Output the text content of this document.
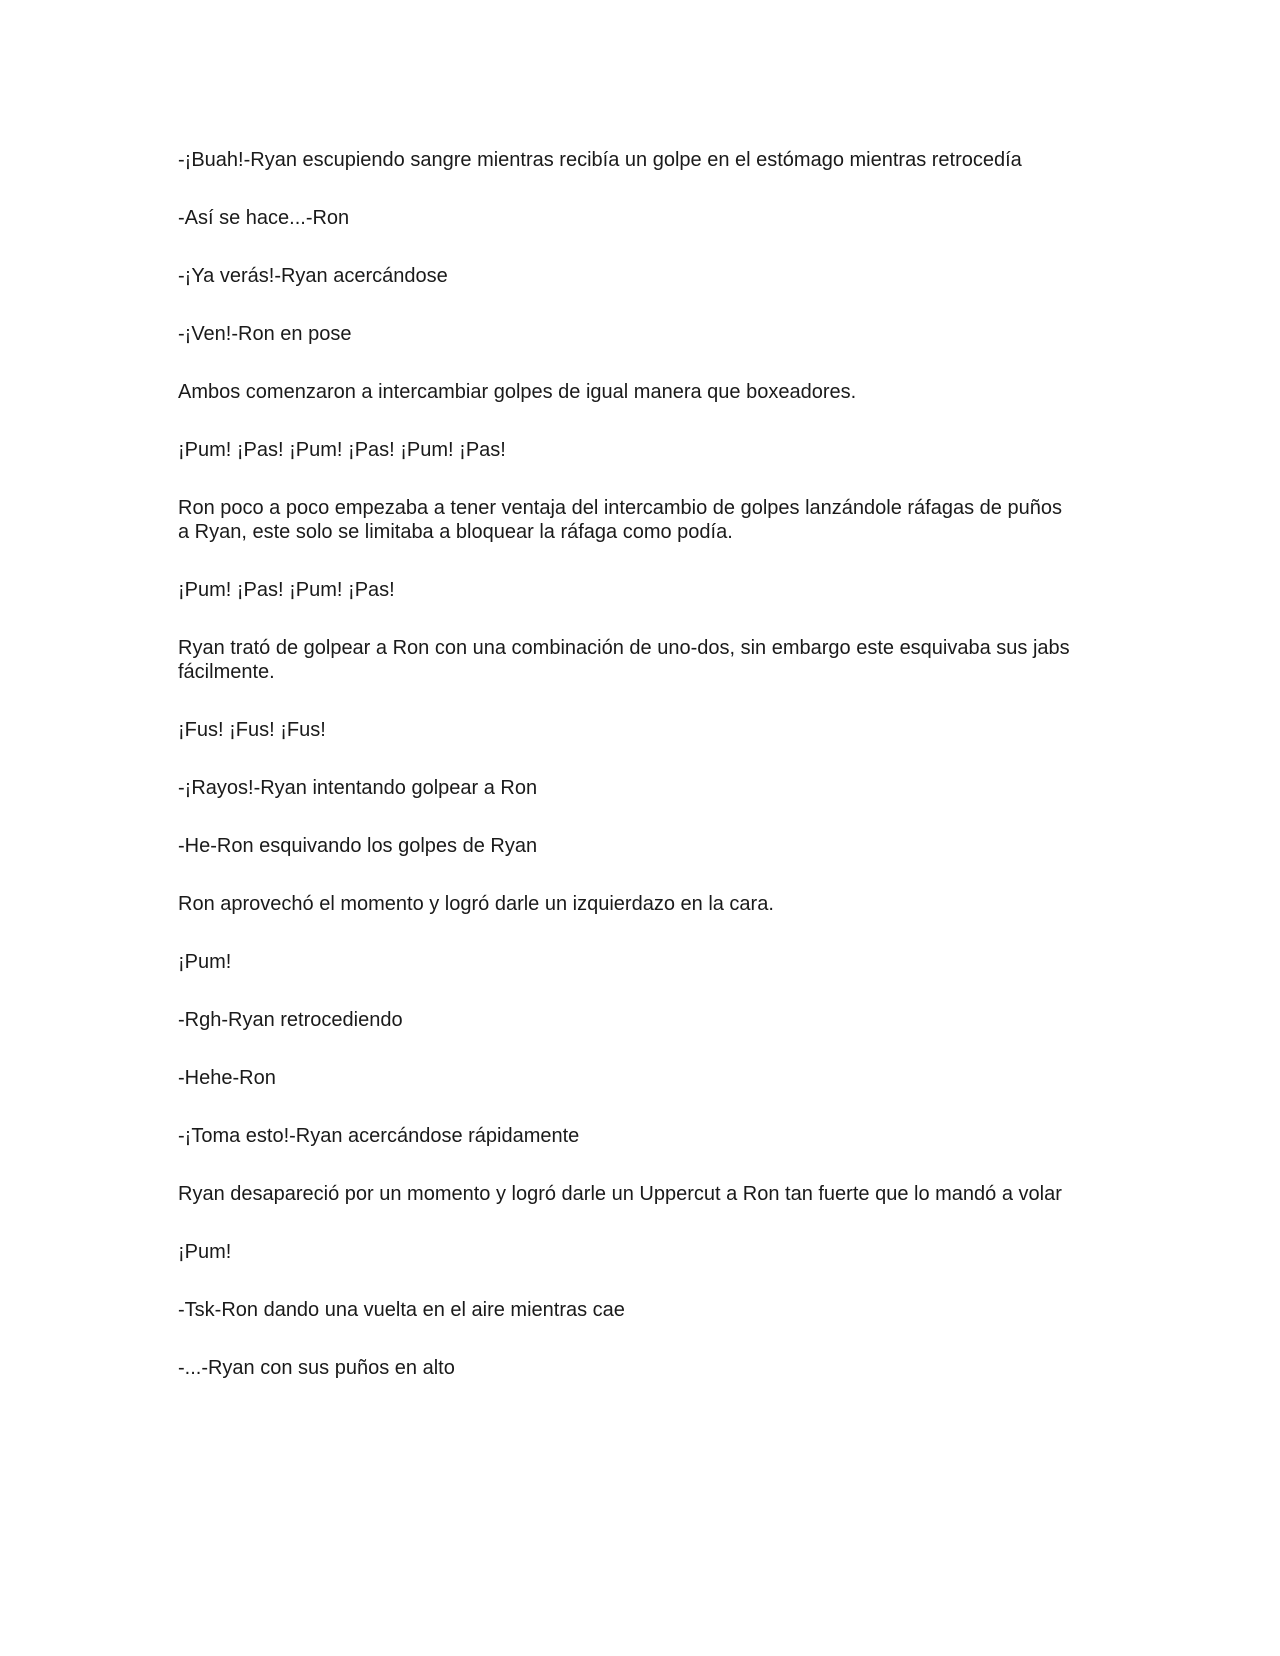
-¡Buah!-Ryan escupiendo sangre mientras recibía un golpe en el estómago mientras retrocedía

-Así se hace...-Ron

-¡Ya verás!-Ryan acercándose

-¡Ven!-Ron en pose

Ambos comenzaron a intercambiar golpes de igual manera que boxeadores.

¡Pum! ¡Pas! ¡Pum! ¡Pas! ¡Pum! ¡Pas!

Ron poco a poco empezaba a tener ventaja del intercambio de golpes lanzándole ráfagas de puños a Ryan, este solo se limitaba a bloquear la ráfaga como podía.

¡Pum! ¡Pas! ¡Pum! ¡Pas!

Ryan trató de golpear a Ron con una combinación de uno-dos, sin embargo este esquivaba sus jabs fácilmente.

¡Fus! ¡Fus! ¡Fus!

-¡Rayos!-Ryan intentando golpear a Ron

-He-Ron esquivando los golpes de Ryan

Ron aprovechó el momento y logró darle un izquierdazo en la cara.

¡Pum!

-Rgh-Ryan retrocediendo

-Hehe-Ron

-¡Toma esto!-Ryan acercándose rápidamente

Ryan desapareció por un momento y logró darle un Uppercut a Ron tan fuerte que lo mandó a volar

¡Pum!

-Tsk-Ron dando una vuelta en el aire mientras cae

-...-Ryan con sus puños en alto
